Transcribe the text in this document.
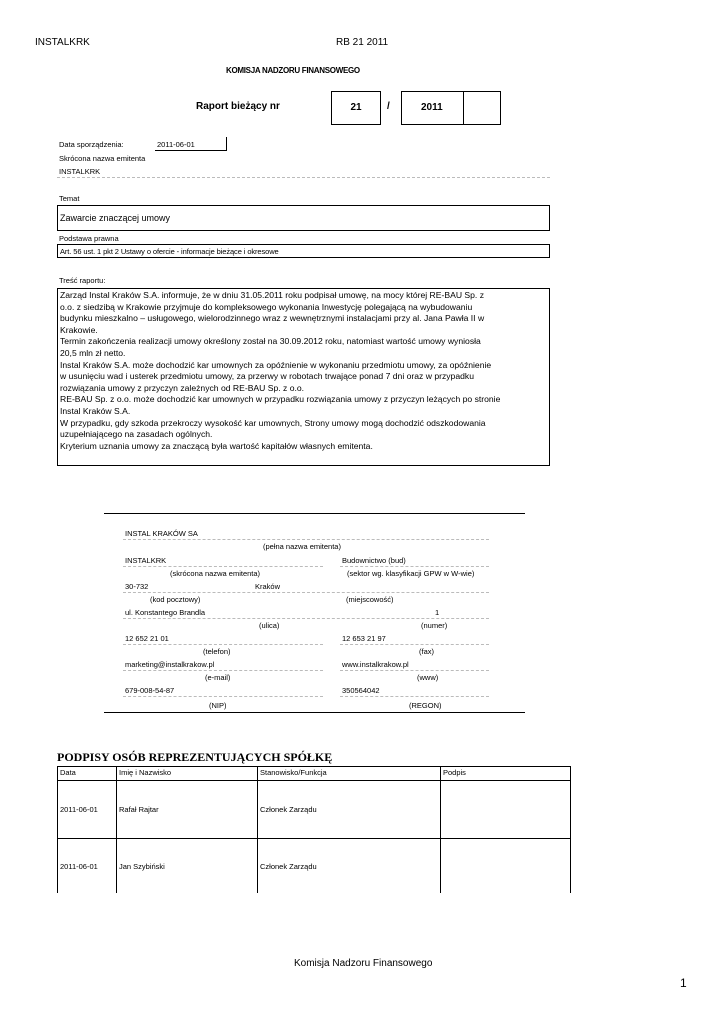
INSTALKRK	RB 21 2011
KOMISJA NADZORU FINANSOWEGO
Raport bieżący nr	21	/	2011
Data sporządzenia:	2011-06-01
Skrócona nazwa emitenta
INSTALKRK
Temat
Zawarcie znaczącej umowy
Podstawa prawna
Art. 56 ust. 1 pkt 2 Ustawy o ofercie - informacje bieżące i okresowe
Treść raportu:
Zarząd Instal Kraków S.A. informuje, że w dniu 31.05.2011 roku podpisał umowę, na mocy której RE-BAU Sp. z
o.o. z siedzibą w Krakowie przyjmuje do kompleksowego wykonania Inwestycję polegającą na wybudowaniu
budynku mieszkalno – usługowego, wielorodzinnego wraz z wewnętrznymi instalacjami przy al. Jana Pawła II w
Krakowie.
Termin zakończenia realizacji umowy określony został na 30.09.2012 roku, natomiast wartość umowy wyniosła
20,5 mln zł netto.
Instal Kraków S.A. może dochodzić kar umownych za opóźnienie w wykonaniu przedmiotu umowy, za opóźnienie
w usunięciu wad i usterek przedmiotu umowy, za przerwy w robotach trwające ponad 7 dni oraz w przypadku
rozwiązania umowy z przyczyn zależnych od RE-BAU Sp. z o.o.
RE-BAU Sp. z o.o. może dochodzić kar umownych w przypadku rozwiązania umowy z przyczyn leżących po stronie
Instal Kraków S.A.
W przypadku, gdy szkoda przekroczy wysokość kar umownych, Strony umowy mogą dochodzić odszkodowania
uzupełniającego na zasadach ogólnych.
Kryterium uznania umowy za znaczącą była wartość kapitałów własnych emitenta.
INSTAL KRAKÓW SA
(pełna nazwa emitenta)
INSTALKRK	Budownictwo (bud)
(skrócona nazwa emitenta)	(sektor wg. klasyfikacji GPW w W-wie)
30-732	Kraków
(kod pocztowy)	(miejscowość)
ul. Konstantego Brandla	1
(ulica)	(numer)
12 652 21 01	12 653 21 97
(telefon)	(fax)
marketing@instalkrakow.pl	www.instalkrakow.pl
(e-mail)	(www)
679-008-54-87	350564042
(NIP)	(REGON)
PODPISY OSÓB REPREZENTUJĄCYCH SPÓŁKĘ
Data	Imię i Nazwisko	Stanowisko/Funkcja	Podpis
2011-06-01	Rafał Rajtar	Członek Zarządu	
2011-06-01	Jan Szybiński	Członek Zarządu	
Komisja Nadzoru Finansowego
1
